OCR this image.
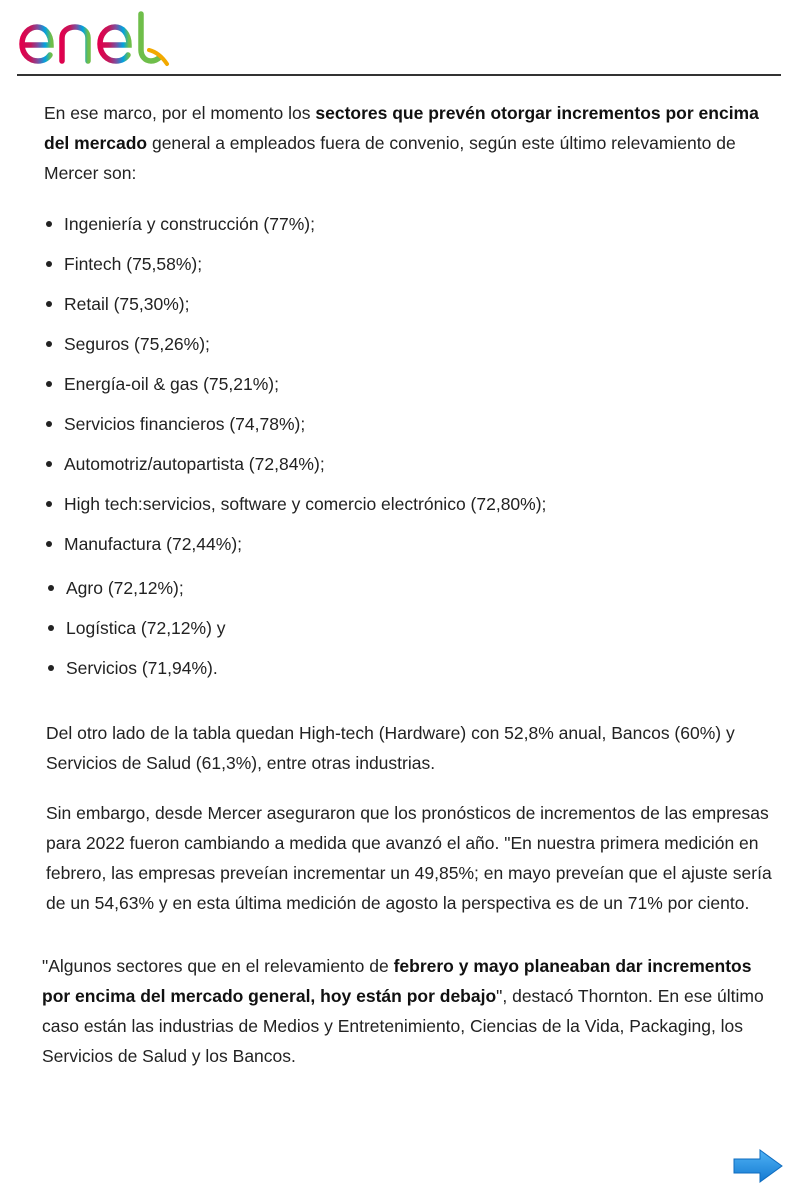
En ese marco, por el momento los sectores que prevén otorgar incrementos por encima del mercado general a empleados fuera de convenio, según este último relevamiento de Mercer son:

Ingeniería y construcción (77%);
Fintech (75,58%);
Retail (75,30%);
Seguros (75,26%);
Energía-oil & gas (75,21%);
Servicios financieros (74,78%);
Automotriz/autopartista (72,84%);
High tech:servicios, software y comercio electrónico (72,80%);
Manufactura (72,44%);
Agro (72,12%);
Logística (72,12%) y
Servicios (71,94%).

Del otro lado de la tabla quedan High-tech (Hardware) con 52,8% anual, Bancos (60%) y Servicios de Salud (61,3%), entre otras industrias.

Sin embargo, desde Mercer aseguraron que los pronósticos de incrementos de las empresas para 2022 fueron cambiando a medida que avanzó el año. "En nuestra primera medición en febrero, las empresas preveían incrementar un 49,85%; en mayo preveían que el ajuste sería de un 54,63% y en esta última medición de agosto la perspectiva es de un 71% por ciento.

"Algunos sectores que en el relevamiento de febrero y mayo planeaban dar incrementos por encima del mercado general, hoy están por debajo", destacó Thornton. En ese último caso están las industrias de Medios y Entretenimiento, Ciencias de la Vida, Packaging, los Servicios de Salud y los Bancos.
